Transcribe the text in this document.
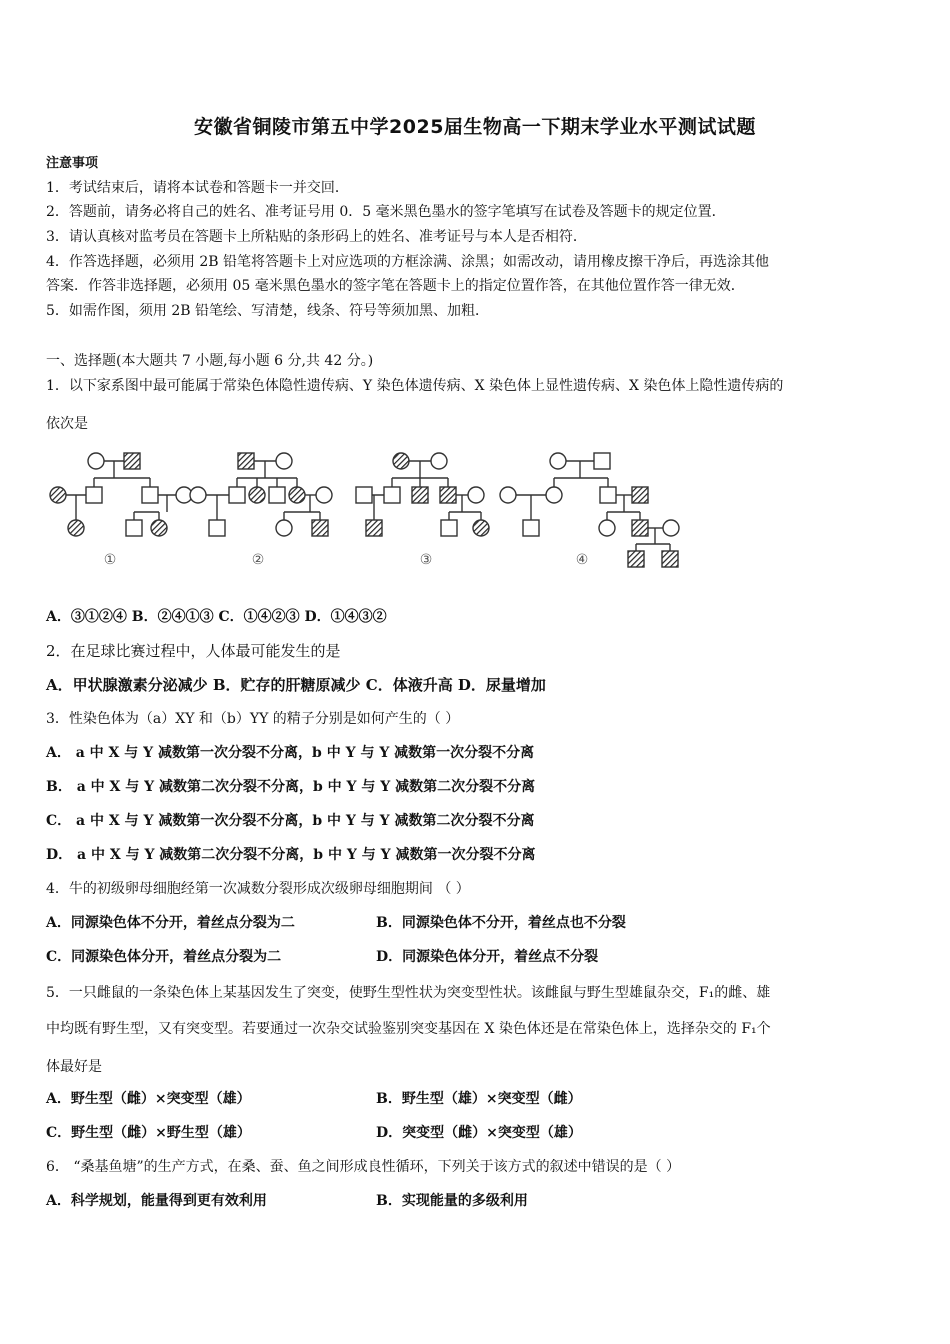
安徽省铜陵市第五中学2025届生物高一下期末学业水平测试试题
注意事项
1．考试结束后，请将本试卷和答题卡一并交回．
2．答题前，请务必将自己的姓名、准考证号用 0．5 毫米黑色墨水的签字笔填写在试卷及答题卡的规定位置．
3．请认真核对监考员在答题卡上所粘贴的条形码上的姓名、准考证号与本人是否相符．
4．作答选择题，必须用 2B 铅笔将答题卡上对应选项的方框涂满、涂黑；如需改动，请用橡皮擦干净后，再选涂其他
答案．作答非选择题，必须用 05 毫米黑色墨水的签字笔在答题卡上的指定位置作答，在其他位置作答一律无效．
5．如需作图，须用 2B 铅笔绘、写清楚，线条、符号等须加黑、加粗．
一、选择题(本大题共 7 小题,每小题 6 分,共 42 分。)
1．以下家系图中最可能属于常染色体隐性遗传病、Y 染色体遗传病、X 染色体上显性遗传病、X 染色体上隐性遗传病的
依次是
①	②	③	④
A．③①②④ B．②④①③ C．①④②③ D．①④③②
2．在足球比赛过程中，人体最可能发生的是
A．甲状腺激素分泌减少 B．贮存的肝糖原减少 C．体液升高 D．尿量增加
3．性染色体为（a）XY 和（b）YY 的精子分别是如何产生的（ ）
A． a 中 X 与 Y 减数第一次分裂不分离，b 中 Y 与 Y 减数第一次分裂不分离
B． a 中 X 与 Y 减数第二次分裂不分离，b 中 Y 与 Y 减数第二次分裂不分离
C． a 中 X 与 Y 减数第一次分裂不分离，b 中 Y 与 Y 减数第二次分裂不分离
D． a 中 X 与 Y 减数第二次分裂不分离，b 中 Y 与 Y 减数第一次分裂不分离
4．牛的初级卵母细胞经第一次减数分裂形成次级卵母细胞期间 （ ）
A．同源染色体不分开，着丝点分裂为二	B．同源染色体不分开，着丝点也不分裂
C．同源染色体分开，着丝点分裂为二	D．同源染色体分开，着丝点不分裂
5．一只雌鼠的一条染色体上某基因发生了突变，使野生型性状为突变型性状。该雌鼠与野生型雄鼠杂交，F₁的雌、雄
中均既有野生型，又有突变型。若要通过一次杂交试验鉴别突变基因在 X 染色体还是在常染色体上，选择杂交的 F₁个
体最好是
A．野生型（雌）×突变型（雄）	B．野生型（雄）×突变型（雌）
C．野生型（雌）×野生型（雄）	D．突变型（雌）×突变型（雄）
6． “桑基鱼塘”的生产方式，在桑、蚕、鱼之间形成良性循环，下列关于该方式的叙述中错误的是（ ）
A．科学规划，能量得到更有效利用	B．实现能量的多级利用
